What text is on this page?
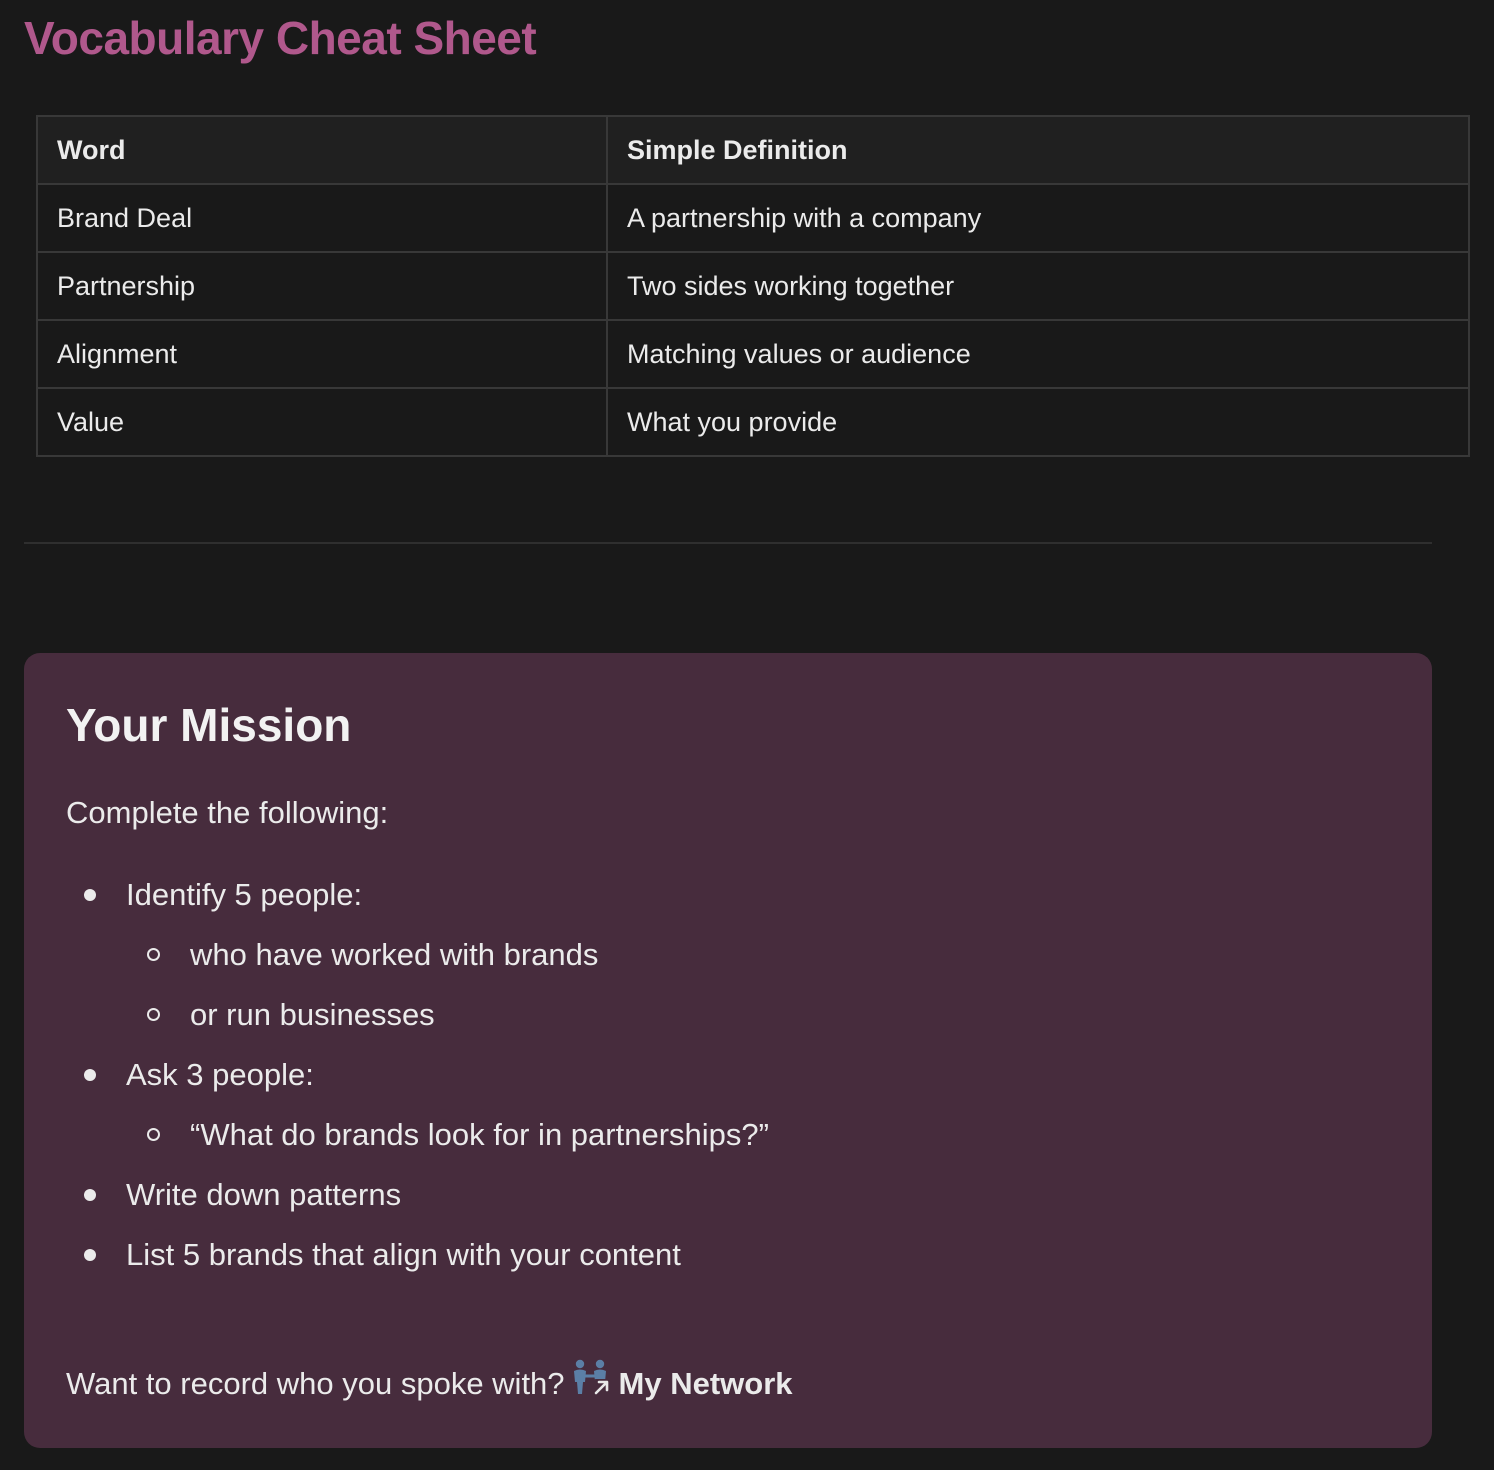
Vocabulary Cheat Sheet
Word	Simple Definition
Brand Deal	A partnership with a company
Partnership	Two sides working together
Alignment	Matching values or audience
Value	What you provide
Your Mission
Complete the following:
Identify 5 people:
who have worked with brands
or run businesses
Ask 3 people:
“What do brands look for in partnerships?”
Write down patterns
List 5 brands that align with your content
Want to record who you spoke with? My Network
